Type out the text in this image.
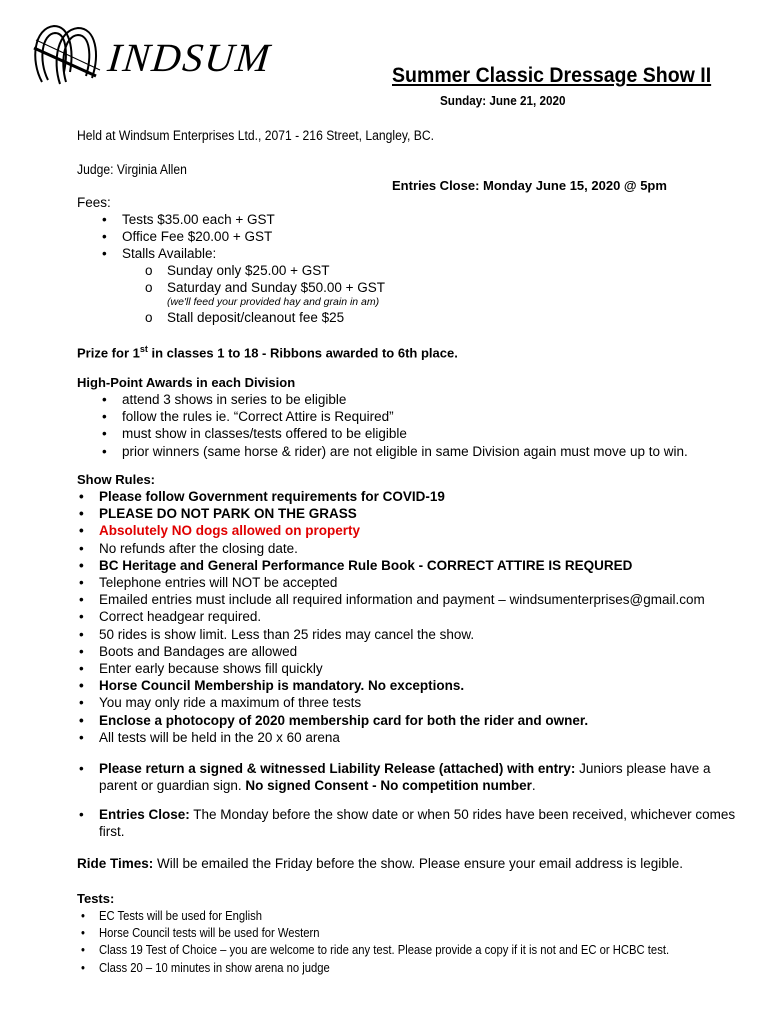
INDSUM	Summer Classic Dressage Show II
Sunday: June 21, 2020
Held at Windsum Enterprises Ltd., 2071 - 216 Street, Langley, BC.
Judge: Virginia Allen
Entries Close: Monday June 15, 2020 @ 5pm
Fees:
• Tests $35.00 each + GST
• Office Fee $20.00 + GST
• Stalls Available:
o Sunday only $25.00 + GST
o Saturday and Sunday $50.00 + GST
(we'll feed your provided hay and grain in am)
o Stall deposit/cleanout fee $25
Prize for 1st in classes 1 to 18 - Ribbons awarded to 6th place.
High-Point Awards in each Division
• attend 3 shows in series to be eligible
• follow the rules ie. “Correct Attire is Required”
• must show in classes/tests offered to be eligible
• prior winners (same horse & rider) are not eligible in same Division again must move up to win.
Show Rules:
• Please follow Government requirements for COVID-19
• PLEASE DO NOT PARK ON THE GRASS
• Absolutely NO dogs allowed on property
• No refunds after the closing date.
• BC Heritage and General Performance Rule Book - CORRECT ATTIRE IS REQURED
• Telephone entries will NOT be accepted
• Emailed entries must include all required information and payment – windsumenterprises@gmail.com
• Correct headgear required.
• 50 rides is show limit. Less than 25 rides may cancel the show.
• Boots and Bandages are allowed
• Enter early because shows fill quickly
• Horse Council Membership is mandatory. No exceptions.
• You may only ride a maximum of three tests
• Enclose a photocopy of 2020 membership card for both the rider and owner.
• All tests will be held in the 20 x 60 arena
• Please return a signed & witnessed Liability Release (attached) with entry: Juniors please have a parent or guardian sign. No signed Consent - No competition number.
• Entries Close: The Monday before the show date or when 50 rides have been received, whichever comes first.
Ride Times: Will be emailed the Friday before the show. Please ensure your email address is legible.
Tests:
• EC Tests will be used for English
• Horse Council tests will be used for Western
• Class 19 Test of Choice – you are welcome to ride any test. Please provide a copy if it is not and EC or HCBC test.
• Class 20 – 10 minutes in show arena no judge
